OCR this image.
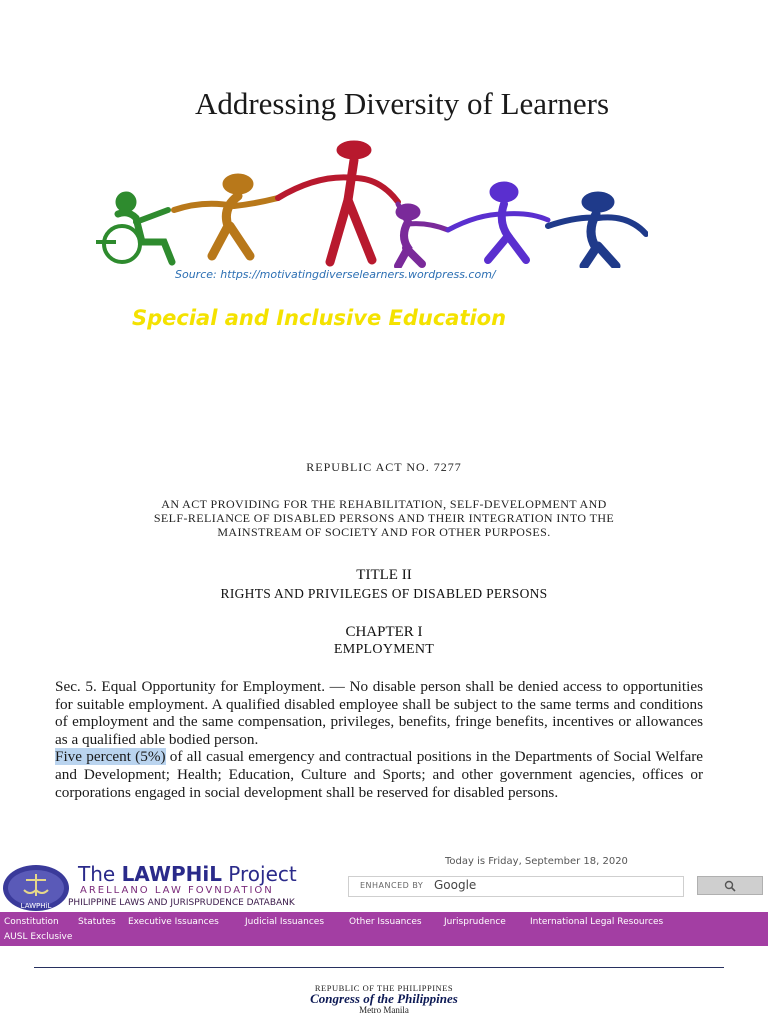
Addressing Diversity of Learners
Source: https://motivatingdiverselearners.wordpress.com/
Special and Inclusive Education
REPUBLIC ACT NO. 7277
AN ACT PROVIDING FOR THE REHABILITATION, SELF-DEVELOPMENT AND
SELF-RELIANCE OF DISABLED PERSONS AND THEIR INTEGRATION INTO THE
MAINSTREAM OF SOCIETY AND FOR OTHER PURPOSES.
TITLE II
RIGHTS AND PRIVILEGES OF DISABLED PERSONS
CHAPTER I
EMPLOYMENT

Sec. 5. Equal Opportunity for Employment. — No disable person shall be denied access to opportunities for suitable employment. A qualified disabled employee shall be subject to the same terms and conditions of employment and the same compensation, privileges, benefits, fringe benefits, incentives or allowances as a qualified able bodied person.

Five percent (5%) of all casual emergency and contractual positions in the Departments of Social Welfare and Development; Health; Education, Culture and Sports; and other government agencies, offices or corporations engaged in social development shall be reserved for disabled persons.

LAWPHiL
Today is Friday, September 18, 2020
The LAWPHiL Project
ARELLANO LAW FOVNDATION
PHILIPPINE LAWS AND JURISPRUDENCE DATABANK
ENHANCED BY Google
Constitution Statutes Executive Issuances	Judicial Issuances	Other Issuances Jurisprudence	International Legal Resources
AUSL Exclusive
REPUBLIC OF THE PHILIPPINES
Congress of the Philippines
Metro Manila
